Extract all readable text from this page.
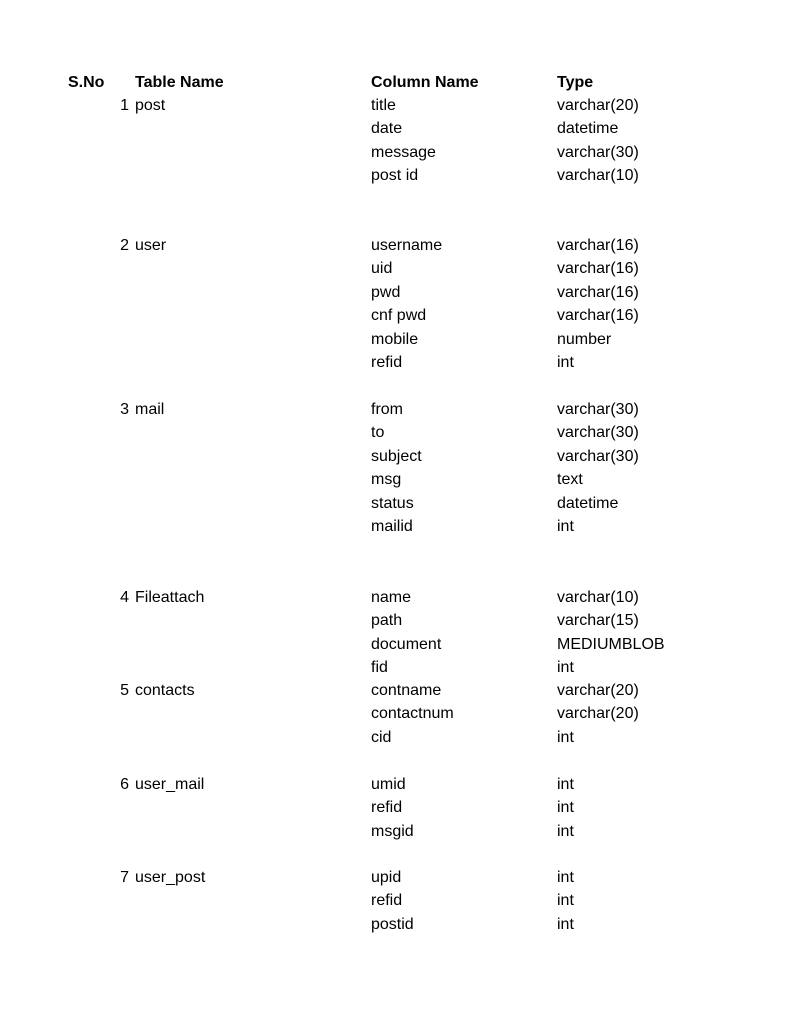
S.No Table Name	Column Name	Type
1 post	title	varchar(20)
date	datetime
message	varchar(30)
post id	varchar(10)
2 user	username	varchar(16)
uid	varchar(16)
pwd	varchar(16)
cnf pwd	varchar(16)
mobile	number
refid	int
3 mail	from	varchar(30)
to	varchar(30)
subject	varchar(30)
msg	text
status	datetime
mailid	int
4 Fileattach	name	varchar(10)
path	varchar(15)
document	MEDIUMBLOB
fid	int
5 contacts	contname	varchar(20)
contactnum	varchar(20)
cid	int
6 user_mail	umid	int
refid	int
msgid	int
7 user_post	upid	int
refid	int
postid	int
